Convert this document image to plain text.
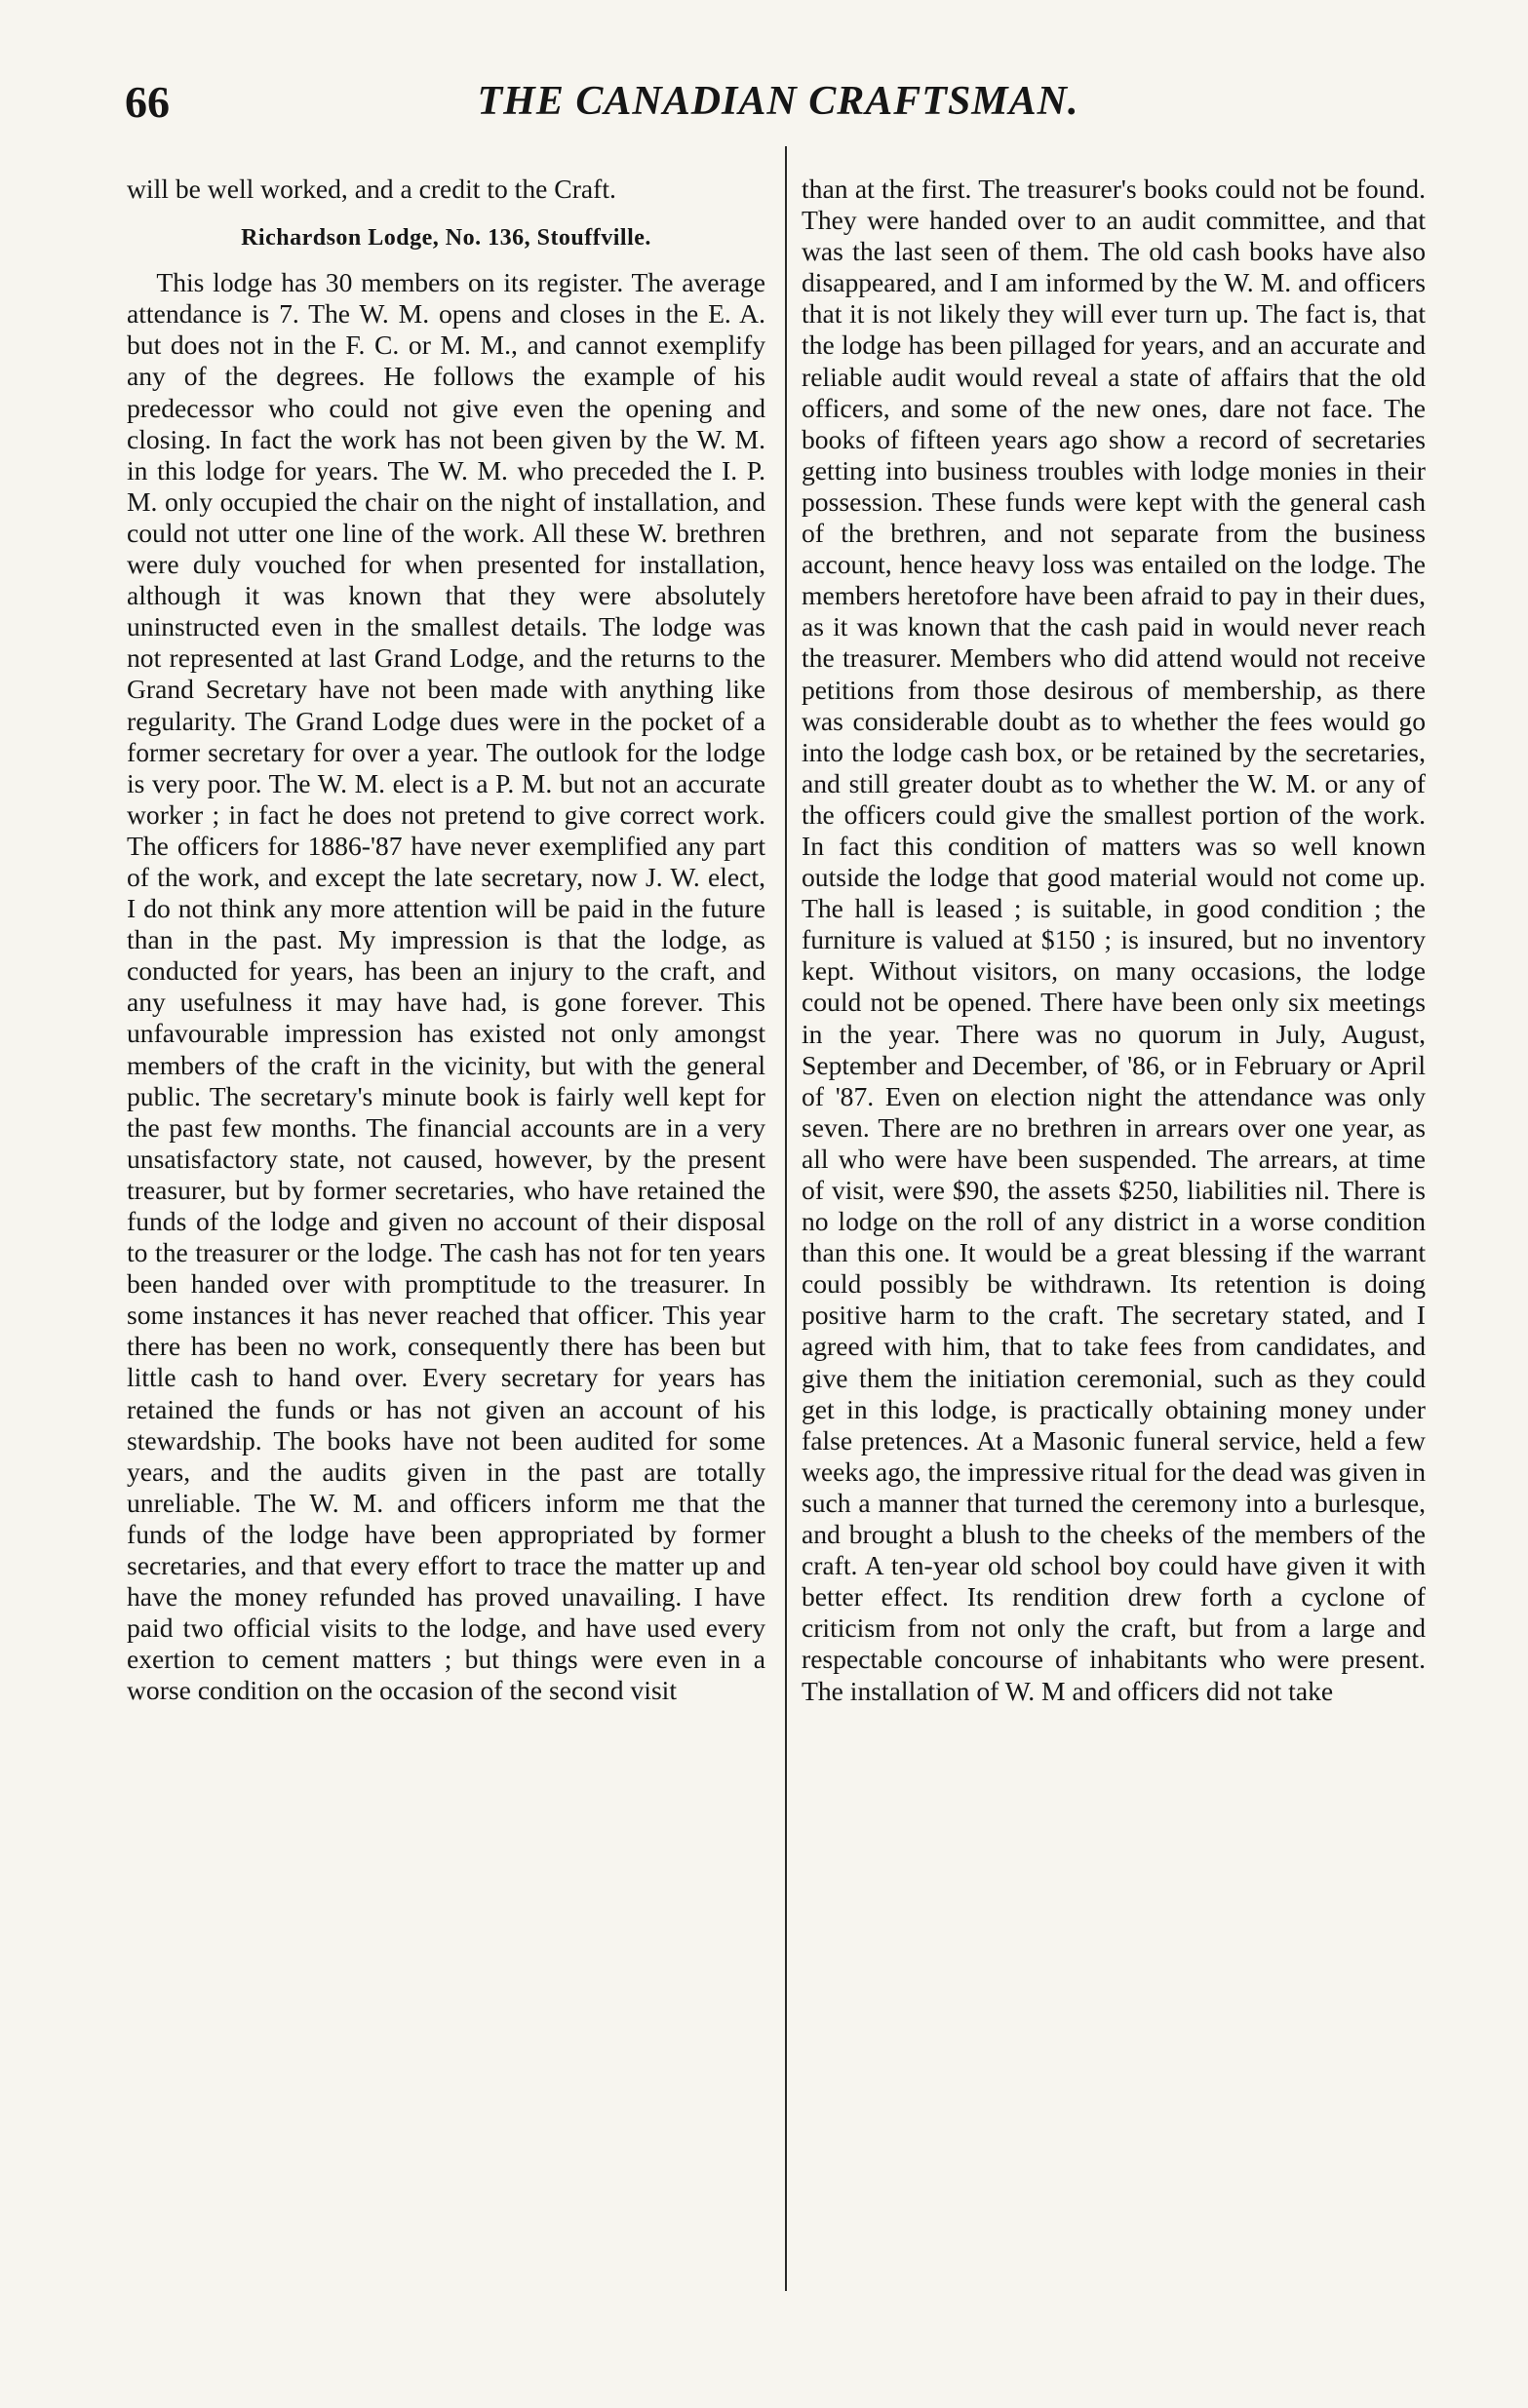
66	THE CANADIAN CRAFTSMAN.

will be well worked, and a credit to the Craft.

Richardson Lodge, No. 136, Stouffville.

This lodge has 30 members on its register. The average attendance is 7. The W. M. opens and closes in the E. A. but does not in the F. C. or M. M., and cannot exemplify any of the degrees. He follows the example of his predecessor who could not give even the opening and closing. In fact the work has not been given by the W. M. in this lodge for years. The W. M. who preceded the I. P. M. only occupied the chair on the night of installation, and could not utter one line of the work. All these W. brethren were duly vouched for when presented for installation, although it was known that they were absolutely uninstructed even in the smallest details. The lodge was not represented at last Grand Lodge, and the returns to the Grand Secretary have not been made with anything like regularity. The Grand Lodge dues were in the pocket of a former secretary for over a year. The outlook for the lodge is very poor. The W. M. elect is a P. M. but not an accurate worker ; in fact he does not pretend to give correct work. The officers for 1886-'87 have never exemplified any part of the work, and except the late secretary, now J. W. elect, I do not think any more attention will be paid in the future than in the past. My impression is that the lodge, as conducted for years, has been an injury to the craft, and any usefulness it may have had, is gone forever. This unfavourable impression has existed not only amongst members of the craft in the vicinity, but with the general public. The secretary's minute book is fairly well kept for the past few months. The financial accounts are in a very unsatisfactory state, not caused, however, by the present treasurer, but by former secretaries, who have retained the funds of the lodge and given no account of their disposal to the treasurer or the lodge. The cash has not for ten years been handed over with promptitude to the treasurer. In some instances it has never reached that officer. This year there has been no work, consequently there has been but little cash to hand over. Every secretary for years has retained the funds or has not given an account of his stewardship. The books have not been audited for some years, and the audits given in the past are totally unreliable. The W. M. and officers inform me that the funds of the lodge have been appropriated by former secretaries, and that every effort to trace the matter up and have the money refunded has proved unavailing. I have paid two official visits to the lodge, and have used every exertion to cement matters ; but things were even in a worse condition on the occasion of the second visit

than at the first. The treasurer's books could not be found. They were handed over to an audit committee, and that was the last seen of them. The old cash books have also disappeared, and I am informed by the W. M. and officers that it is not likely they will ever turn up. The fact is, that the lodge has been pillaged for years, and an accurate and reliable audit would reveal a state of affairs that the old officers, and some of the new ones, dare not face. The books of fifteen years ago show a record of secretaries getting into business troubles with lodge monies in their possession. These funds were kept with the general cash of the brethren, and not separate from the business account, hence heavy loss was entailed on the lodge. The members heretofore have been afraid to pay in their dues, as it was known that the cash paid in would never reach the treasurer. Members who did attend would not receive petitions from those desirous of membership, as there was considerable doubt as to whether the fees would go into the lodge cash box, or be retained by the secretaries, and still greater doubt as to whether the W. M. or any of the officers could give the smallest portion of the work. In fact this condition of matters was so well known outside the lodge that good material would not come up. The hall is leased ; is suitable, in good condition ; the furniture is valued at $150 ; is insured, but no inventory kept. Without visitors, on many occasions, the lodge could not be opened. There have been only six meetings in the year. There was no quorum in July, August, September and December, of '86, or in February or April of '87. Even on election night the attendance was only seven. There are no brethren in arrears over one year, as all who were have been suspended. The arrears, at time of visit, were $90, the assets $250, liabilities nil. There is no lodge on the roll of any district in a worse condition than this one. It would be a great blessing if the warrant could possibly be withdrawn. Its retention is doing positive harm to the craft. The secretary stated, and I agreed with him, that to take fees from candidates, and give them the initiation ceremonial, such as they could get in this lodge, is practically obtaining money under false pretences. At a Masonic funeral service, held a few weeks ago, the impressive ritual for the dead was given in such a manner that turned the ceremony into a burlesque, and brought a blush to the cheeks of the members of the craft. A ten-year old school boy could have given it with better effect. Its rendition drew forth a cyclone of criticism from not only the craft, but from a large and respectable concourse of inhabitants who were present. The installation of W. M and officers did not take
